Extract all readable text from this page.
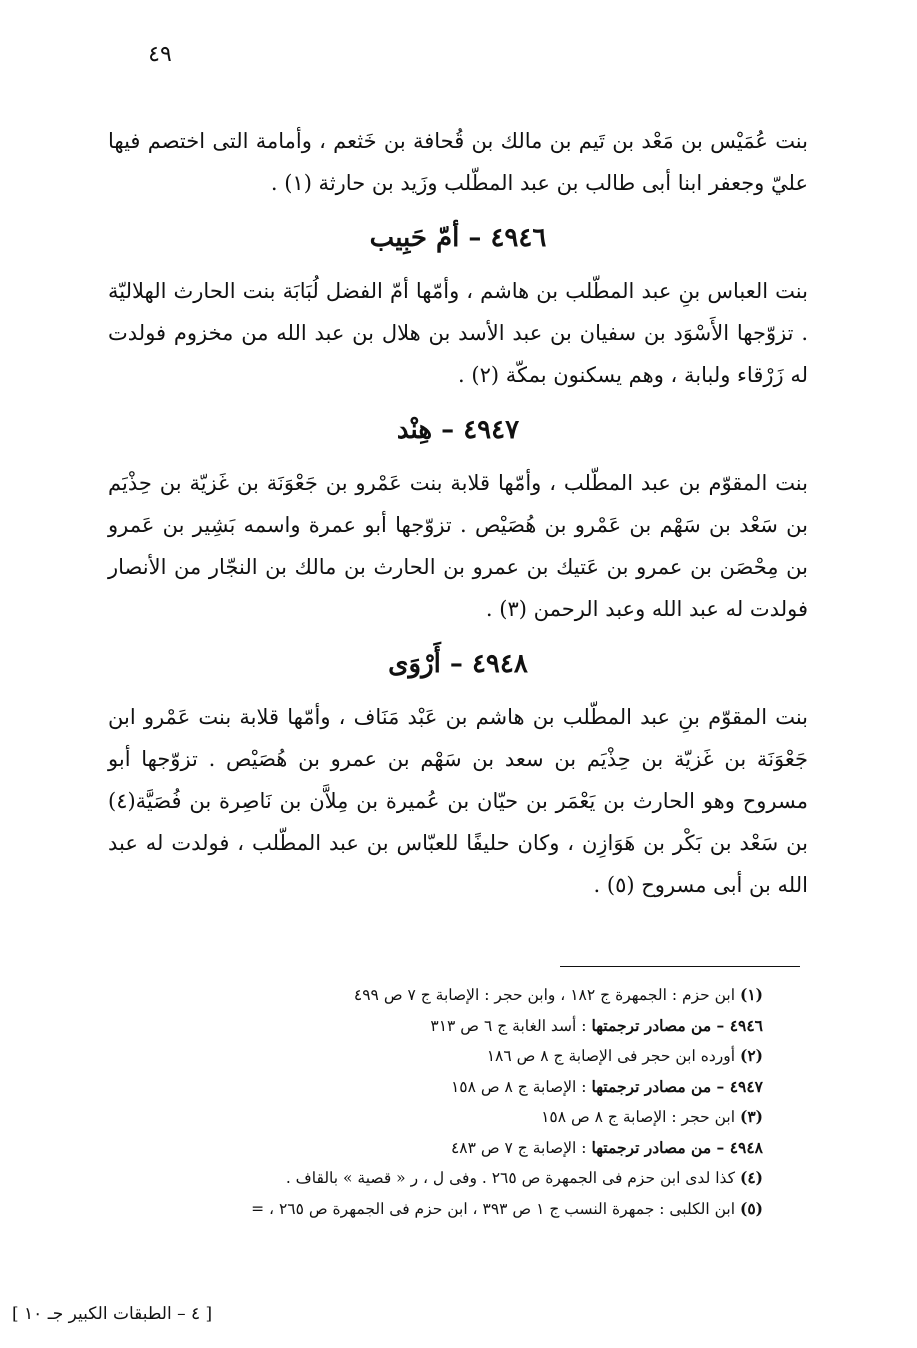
٤٩

بنت عُمَيْس بن مَعْد بن تَيم بن مالك بن قُحافة بن خَثعم ، وأمامة التى اختصم فيها عليّ وجعفر ابنا أبى طالب بن عبد المطّلب وزَيد بن حارثة (١) .

٤٩٤٦ – أمّ حَبِيب

بنت العباس بنِ عبد المطّلب بن هاشم ، وأمّها أمّ الفضل لُبَابَة بنت الحارث الهلاليّة . تزوّجها الأَسْوَد بن سفيان بن عبد الأسد بن هلال بن عبد الله من مخزوم فولدت له زَرْقاء ولبابة ، وهم يسكنون بمكّة (٢) .

٤٩٤٧ – هِنْد

بنت المقوّم بن عبد المطّلب ، وأمّها قلابة بنت عَمْرو بن جَعْوَنَة بن غَزيّة بن حِذْيَم بن سَعْد بن سَهْم بن عَمْرو بن هُصَيْص . تزوّجها أبو عمرة واسمه بَشِير بن عَمرو بن مِحْصَن بن عمرو بن عَتيك بن عمرو بن الحارث بن مالك بن النجّار من الأنصار فولدت له عبد الله وعبد الرحمن (٣) .

٤٩٤٨ – أَرْوَى

بنت المقوّم بنِ عبد المطّلب بن هاشم بن عَبْد مَنَاف ، وأمّها قلابة بنت عَمْرو ابن جَعْوَنَة بن غَزيّة بن حِذْيَم بن سعد بن سَهْم بن عمرو بن هُصَيْص . تزوّجها أبو مسروح وهو الحارث بن يَعْمَر بن حيّان بن عُميرة بن مِلاَّن بن نَاصِرة بن فُصَيَّة(٤) بن سَعْد بن بَكْر بن هَوَازِن ، وكان حليفًا للعبّاس بن عبد المطّلب ، فولدت له عبد الله بن أبى مسروح (٥) .

(١) ابن حزم : الجمهرة ج ١٨٢ ، وابن حجر : الإصابة ج ٧ ص ٤٩٩
٤٩٤٦ – من مصادر ترجمتها : أسد الغابة ج ٦ ص ٣١٣
(٢) أورده ابن حجر فى الإصابة ج ٨ ص ١٨٦
٤٩٤٧ – من مصادر ترجمتها : الإصابة ج ٨ ص ١٥٨
(٣) ابن حجر : الإصابة ج ٨ ص ١٥٨
٤٩٤٨ – من مصادر ترجمتها : الإصابة ج ٧ ص ٤٨٣
(٤) كذا لدى ابن حزم فى الجمهرة ص ٢٦٥ . وفى ل ، ر « قصية » بالقاف .
(٥) ابن الكلبى : جمهرة النسب ج ١ ص ٣٩٣ ، ابن حزم فى الجمهرة ص ٢٦٥ ، =
[ ٤ – الطبقات الكبير جـ ١٠ ]
